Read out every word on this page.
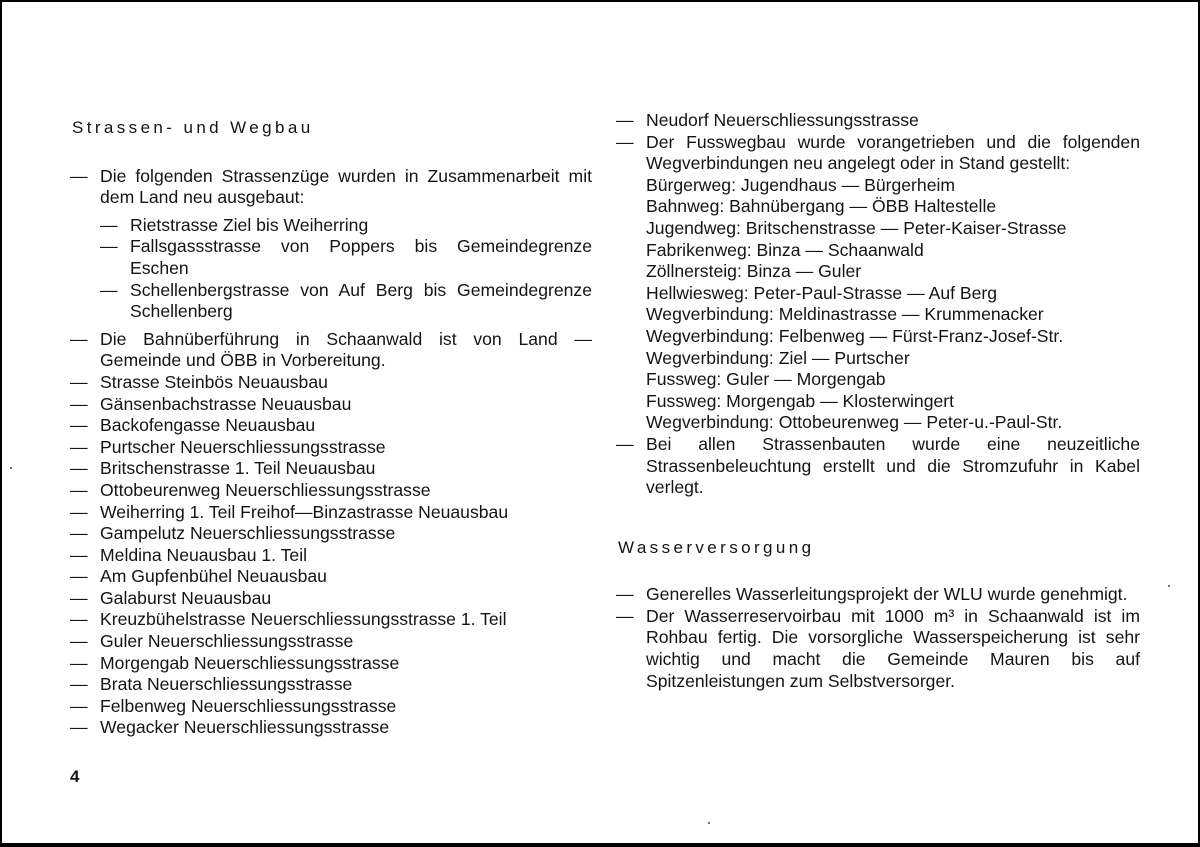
Strassen- und Wegbau
— Die folgenden Strassenzüge wurden in Zusammenarbeit mit dem Land neu ausgebaut:
— Rietstrasse Ziel bis Weiherring
— Fallsgassstrasse von Poppers bis Gemeindegrenze Eschen
— Schellenbergstrasse von Auf Berg bis Gemeindegrenze Schellenberg
— Die Bahnüberführung in Schaanwald ist von Land — Gemeinde und ÖBB in Vorbereitung.
— Strasse Steinbös Neuausbau
— Gänsenbachstrasse Neuausbau
— Backofengasse Neuausbau
— Purtscher Neuerschliessungsstrasse
— Britschenstrasse 1. Teil Neuausbau
— Ottobeurenweg Neuerschliessungsstrasse
— Weiherring 1. Teil Freihof—Binzastrasse Neuausbau
— Gampelutz Neuerschliessungsstrasse
— Meldina Neuausbau 1. Teil
— Am Gupfenbühel Neuausbau
— Galaburst Neuausbau
— Kreuzbühelstrasse Neuerschliessungsstrasse 1. Teil
— Guler Neuerschliessungsstrasse
— Morgengab Neuerschliessungsstrasse
— Brata Neuerschliessungsstrasse
— Felbenweg Neuerschliessungsstrasse
— Wegacker Neuerschliessungsstrasse
— Neudorf Neuerschliessungsstrasse
— Der Fusswegbau wurde vorangetrieben und die folgenden Wegverbindungen neu angelegt oder in Stand gestellt:
Bürgerweg: Jugendhaus — Bürgerheim
Bahnweg: Bahnübergang — ÖBB Haltestelle
Jugendweg: Britschenstrasse — Peter-Kaiser-Strasse
Fabrikenweg: Binza — Schaanwald
Zöllnersteig: Binza — Guler
Hellwiesweg: Peter-Paul-Strasse — Auf Berg
Wegverbindung: Meldinastrasse — Krummenacker
Wegverbindung: Felbenweg — Fürst-Franz-Josef-Str.
Wegverbindung: Ziel — Purtscher
Fussweg: Guler — Morgengab
Fussweg: Morgengab — Klosterwingert
Wegverbindung: Ottobeurenweg — Peter-u.-Paul-Str.
— Bei allen Strassenbauten wurde eine neuzeitliche Strassenbeleuchtung erstellt und die Stromzufuhr in Kabel verlegt.
Wasserversorgung
— Generelles Wasserleitungsprojekt der WLU wurde genehmigt.
— Der Wasserreservoirbau mit 1000 m³ in Schaanwald ist im Rohbau fertig. Die vorsorgliche Wasserspeicherung ist sehr wichtig und macht die Gemeinde Mauren bis auf Spitzenleistungen zum Selbstversorger.
4
